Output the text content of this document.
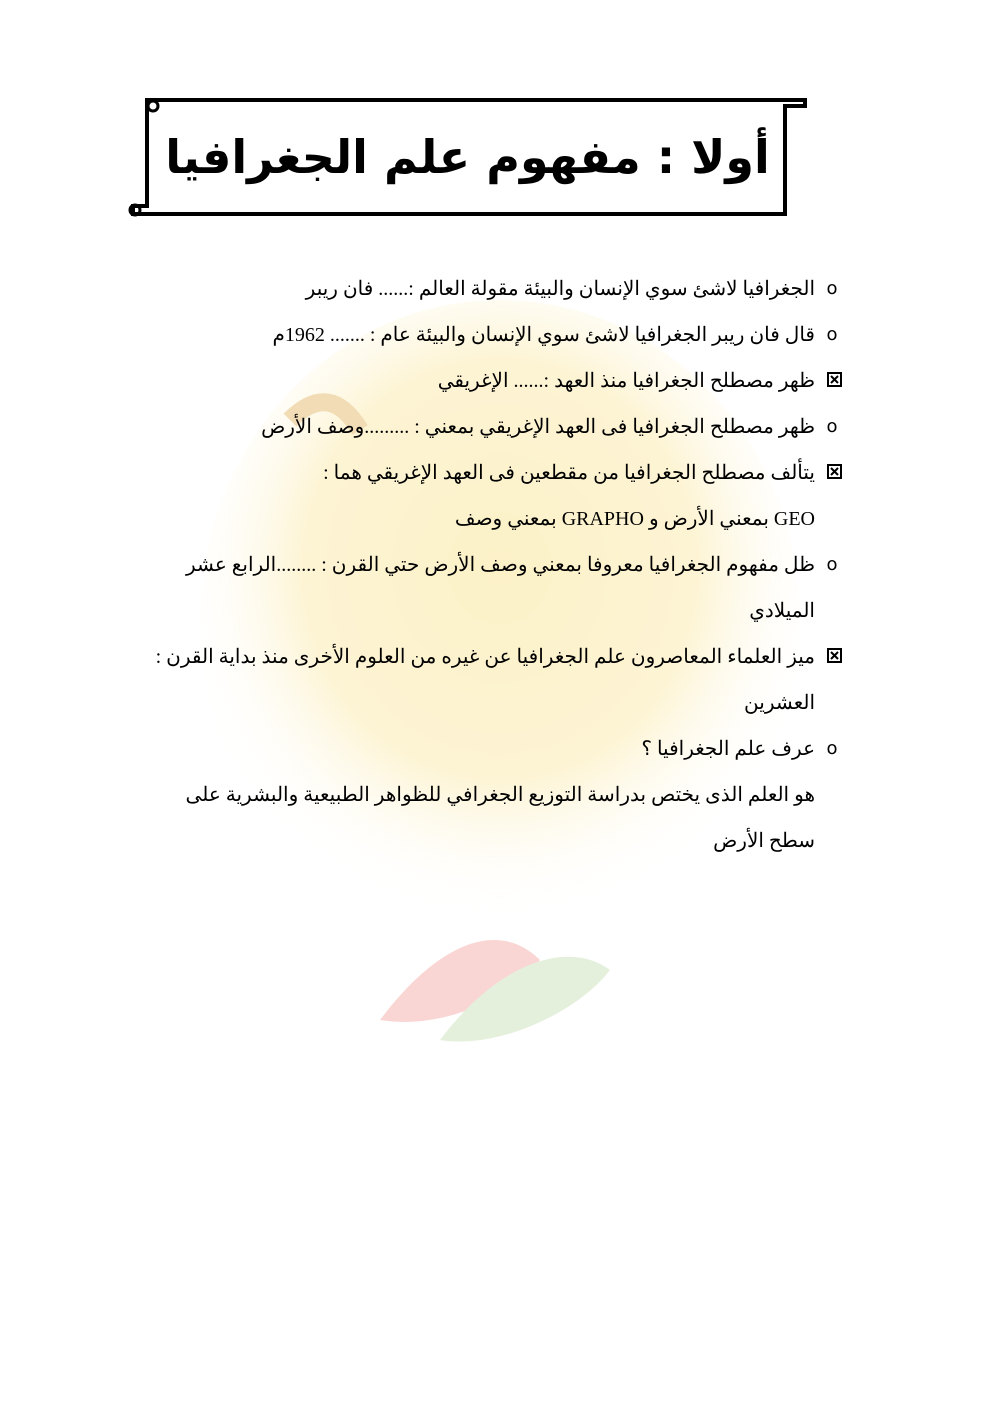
أولا : مفهوم علم الجغرافيا
o
الجغرافيا لاشئ سوي الإنسان والبيئة مقولة العالم :...... فان ريبر
o
قال فان ريبر الجغرافيا لاشئ سوي الإنسان والبيئة عام : ....... 1962م
ظهر مصطلح الجغرافيا منذ العهد :...... الإغريقي
o
ظهر مصطلح الجغرافيا فى العهد الإغريقي بمعني : .........وصف الأرض
يتألف مصطلح الجغرافيا من مقطعين فى العهد الإغريقي هما :
GEO بمعني الأرض و GRAPHO بمعني وصف
o
ظل مفهوم الجغرافيا معروفا بمعني وصف الأرض حتي القرن : ........الرابع عشر
الميلادي
ميز العلماء المعاصرون علم الجغرافيا عن غيره من العلوم الأخرى منذ بداية القرن :
العشرين
o
عرف علم الجغرافيا ؟
هو العلم الذى يختص بدراسة التوزيع الجغرافي للظواهر الطبيعية والبشرية على
سطح الأرض
